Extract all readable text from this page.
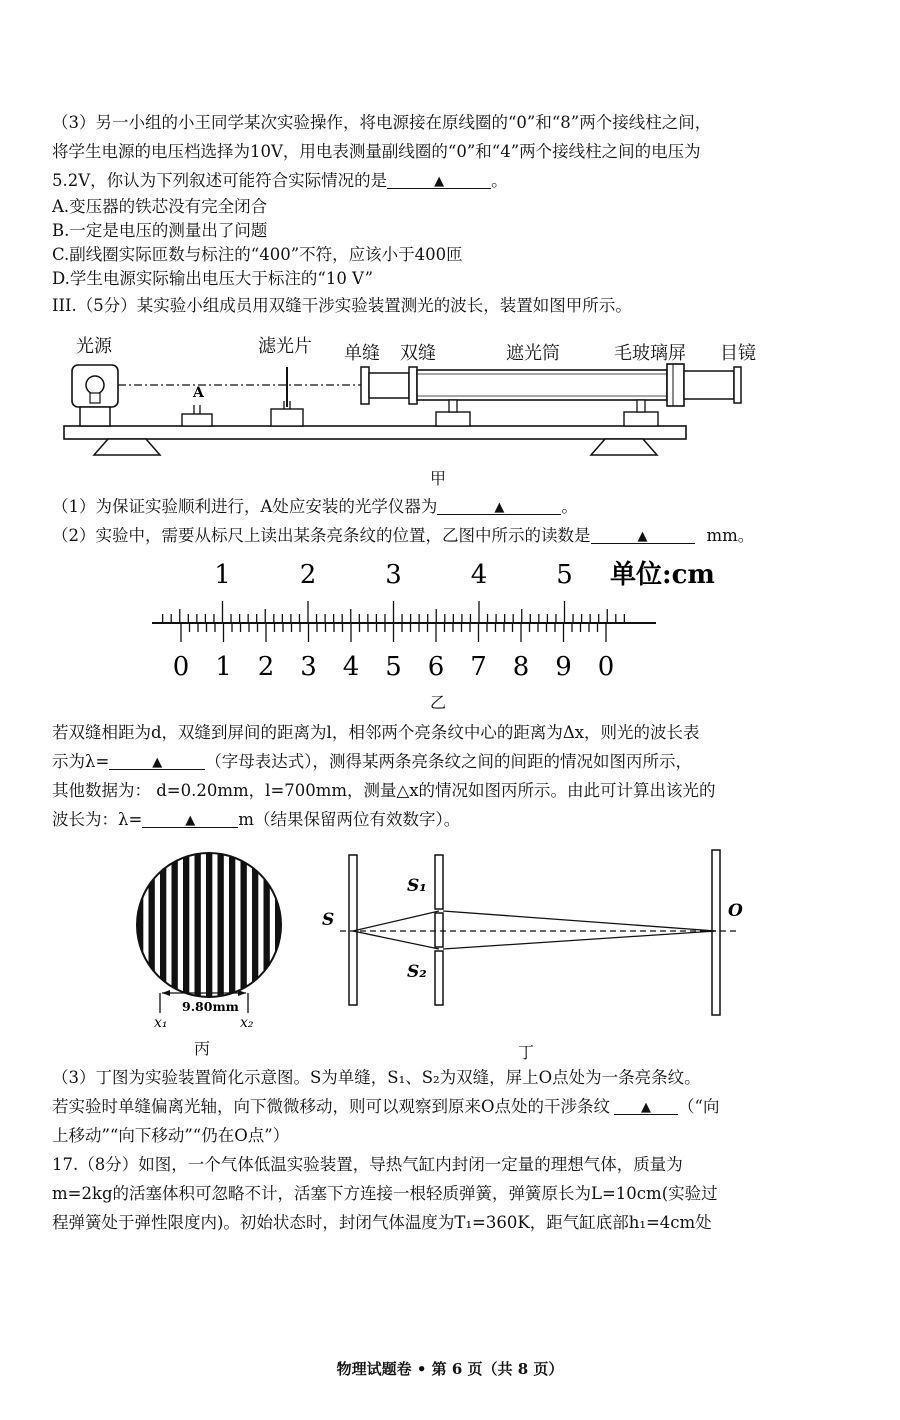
（3）另一小组的小王同学某次实验操作，将电源接在原线圈的“0”和“8”两个接线柱之间，
将学生电源的电压档选择为10V，用电表测量副线圈的“0”和“4”两个接线柱之间的电压为
5.2V，你认为下列叙述可能符合实际情况的是	▲	。
A.变压器的铁芯没有完全闭合
B.一定是电压的测量出了问题
C.副线圈实际匝数与标注的“400”不符，应该小于400匝
D.学生电源实际输出电压大于标注的“10 V”
III.（5分）某实验小组成员用双缝干涉实验装置测光的波长，装置如图甲所示。
光源	滤光片 单缝 双缝	遮光筒	毛玻璃屏 目镜
A
甲
（1）为保证实验顺利进行，A处应安装的光学仪器为	▲	。
（2）实验中，需要从标尺上读出某条亮条纹的位置，乙图中所示的读数是	▲	mm。
1	2	3	4	5 单位:cm
0 1 2 3 4 5 6 7 8 9 0
乙
若双缝相距为d，双缝到屏间的距离为l，相邻两个亮条纹中心的距离为Δx，则光的波长表
示为λ=	▲	（字母表达式），测得某两条亮条纹之间的间距的情况如图丙所示，
其他数据为： d=0.20mm，l=700mm，测量△x的情况如图丙所示。由此可计算出该光的
波长为：λ=	▲	m（结果保留两位有效数字）。
9.80mm
x₁	x₂
丙
S
S₁
S₂
O
丁
（3）丁图为实验装置简化示意图。S为单缝，S₁、S₂为双缝，屏上O点处为一条亮条纹。
若实验时单缝偏离光轴，向下微微移动，则可以观察到原来O点处的干涉条纹 ▲ （“向
上移动”“向下移动”“仍在O点”）
17.（8分）如图，一个气体低温实验装置，导热气缸内封闭一定量的理想气体，质量为
m=2kg的活塞体积可忽略不计，活塞下方连接一根轻质弹簧，弹簧原长为L=10cm(实验过
程弹簧处于弹性限度内)。初始状态时，封闭气体温度为T₁=360K，距气缸底部h₁=4cm处
物理试题卷 • 第 6 页（共 8 页）
